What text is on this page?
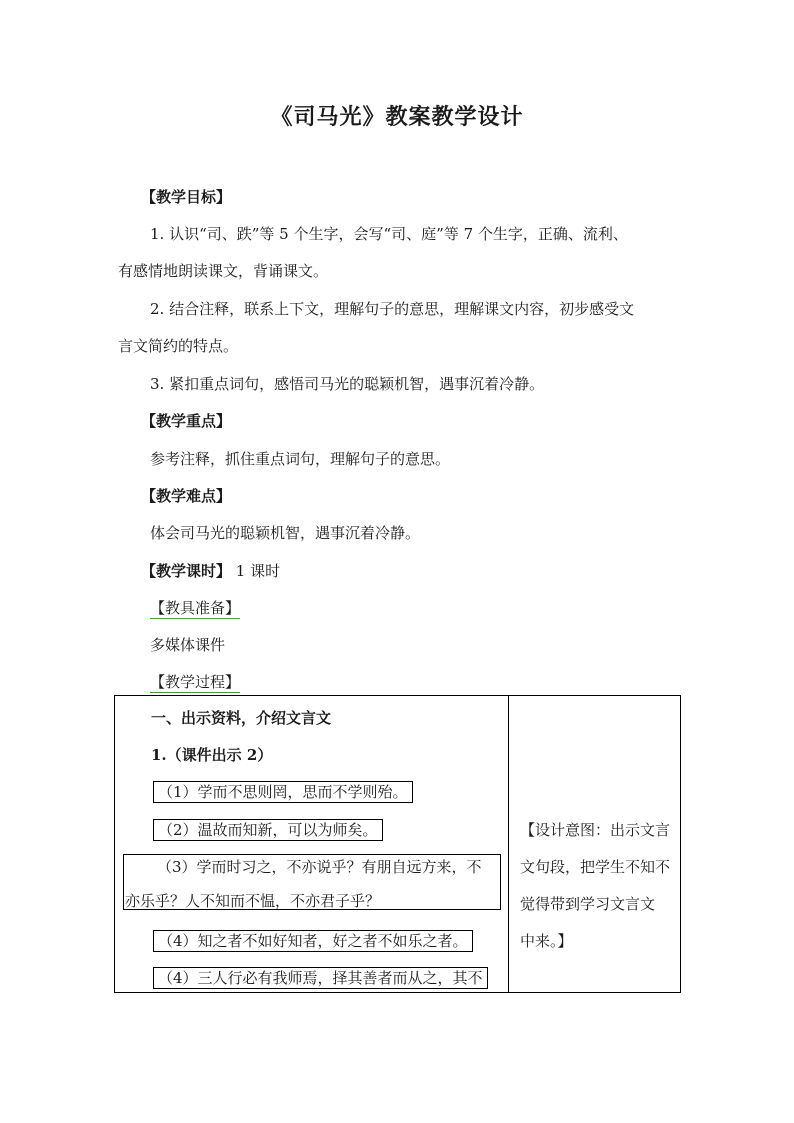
《司马光》教案教学设计
【教学目标】
1. 认识“司、跌”等 5 个生字，会写“司、庭”等 7 个生字，正确、流利、
有感情地朗读课文，背诵课文。
2. 结合注释，联系上下文，理解句子的意思，理解课文内容，初步感受文
言文简约的特点。
3. 紧扣重点词句，感悟司马光的聪颖机智，遇事沉着冷静。
【教学重点】
参考注释，抓住重点词句，理解句子的意思。
【教学难点】
体会司马光的聪颖机智，遇事沉着冷静。
【教学课时】 1 课时
【教具准备】
多媒体课件
【教学过程】
一、出示资料，介绍文言文
1.（课件出示 2）
（1）学而不思则罔，思而不学则殆。
（2）温故而知新，可以为师矣。
（3）学而时习之，不亦说乎？有朋自远方来，不
亦乐乎？人不知而不愠，不亦君子乎？
（4）知之者不如好知者，好之者不如乐之者。
（4）三人行必有我师焉，择其善者而从之，其不
【设计意图：出示文言
文句段，把学生不知不
觉得带到学习文言文
中来。】
